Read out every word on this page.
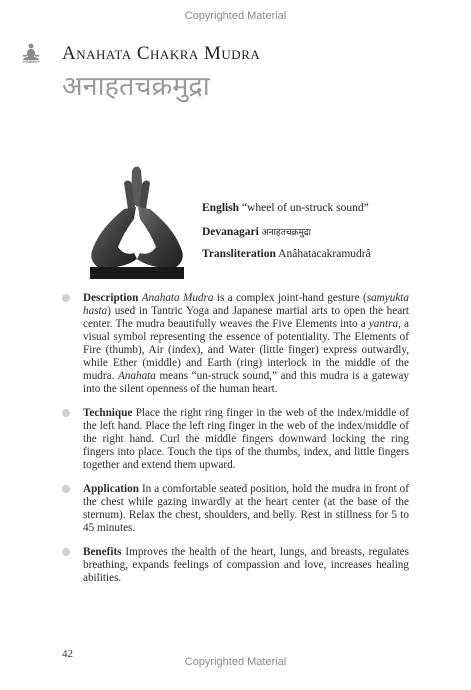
Copyrighted Material
Anahata Chakra Mudra
अनाहतचक्रमुद्रा
English “wheel of un-struck sound”
Devanagari अनाहतचक्रमुद्रा
Transliteration Anâhatacakramudrâ
Description Anahata Mudra is a complex joint-hand gesture (samyukta hasta) used in Tantric Yoga and Japanese martial arts to open the heart center. The mudra beautifully weaves the Five Elements into a yantra, a visual symbol representing the essence of potentiality. The Elements of Fire (thumb), Air (index), and Water (little finger) express outwardly, while Ether (middle) and Earth (ring) interlock in the middle of the mudra. Anahata means “un-struck sound,” and this mudra is a gateway into the silent openness of the human heart.
Technique Place the right ring finger in the web of the index/middle of the left hand. Place the left ring finger in the web of the index/middle of the right hand. Curl the middle fingers downward locking the ring fingers into place. Touch the tips of the thumbs, index, and little fingers together and extend them upward.
Application In a comfortable seated position, hold the mudra in front of the chest while gazing inwardly at the heart center (at the base of the sternum). Relax the chest, shoulders, and belly. Rest in stillness for 5 to 45 minutes.
Benefits Improves the health of the heart, lungs, and breasts, regulates breathing, expands feelings of compassion and love, increases healing abilities.
42
Copyrighted Material
